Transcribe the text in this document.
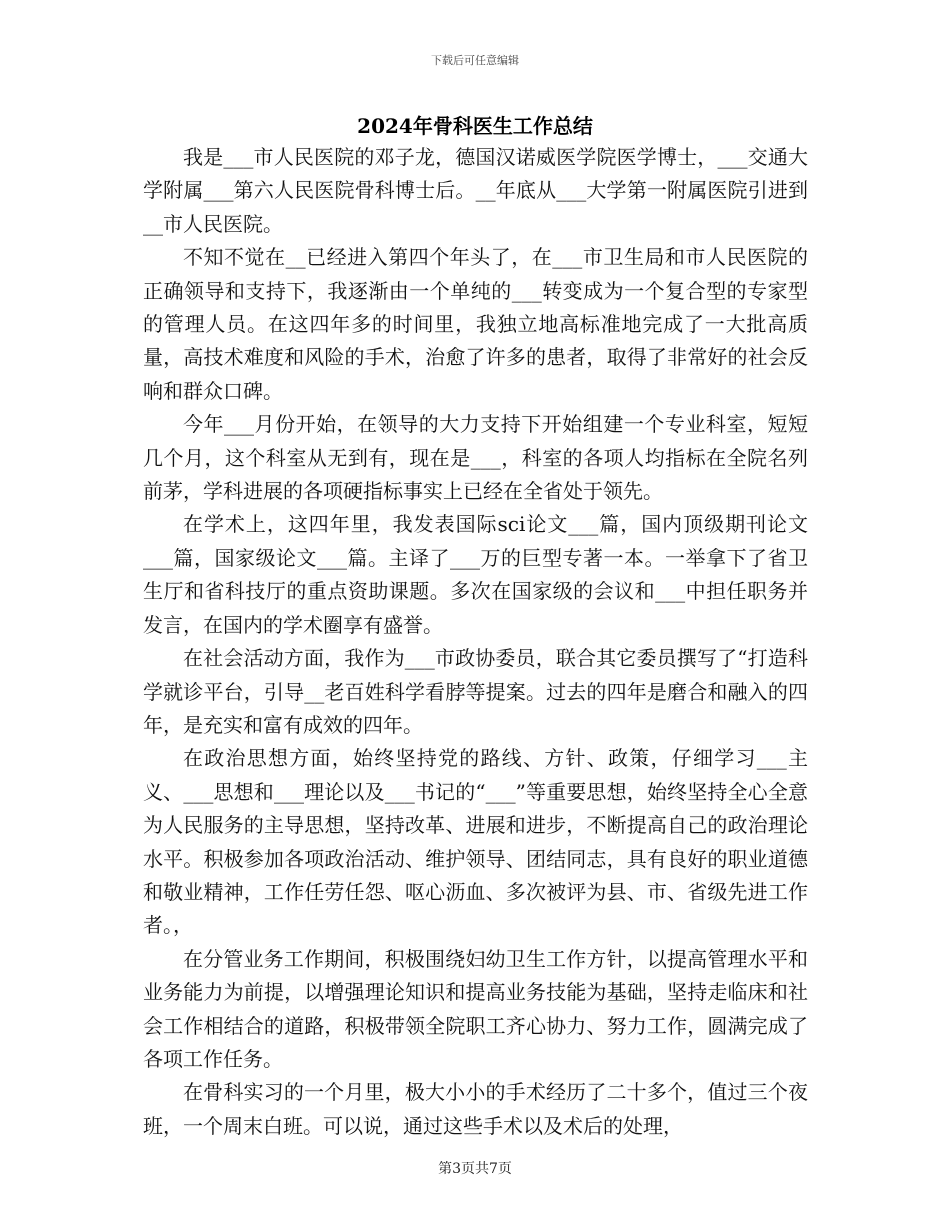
下载后可任意编辑
2024年骨科医生工作总结

我是___市人民医院的邓子龙，德国汉诺威医学院医学博士，___交通大学附属___第六人民医院骨科博士后。__年底从___大学第一附属医院引进到__市人民医院。

不知不觉在__已经进入第四个年头了，在___市卫生局和市人民医院的正确领导和支持下，我逐渐由一个单纯的___转变成为一个复合型的专家型的管理人员。在这四年多的时间里，我独立地高标准地完成了一大批高质量，高技术难度和风险的手术，治愈了许多的患者，取得了非常好的社会反响和群众口碑。

今年___月份开始，在领导的大力支持下开始组建一个专业科室，短短几个月，这个科室从无到有，现在是___，科室的各项人均指标在全院名列前茅，学科进展的各项硬指标事实上已经在全省处于领先。

在学术上，这四年里，我发表国际sci论文___篇，国内顶级期刊论文___篇，国家级论文___篇。主译了___万的巨型专著一本。一举拿下了省卫生厅和省科技厅的重点资助课题。多次在国家级的会议和___中担任职务并发言，在国内的学术圈享有盛誉。

在社会活动方面，我作为___市政协委员，联合其它委员撰写了“打造科学就诊平台，引导__老百姓科学看脖等提案。过去的四年是磨合和融入的四年，是充实和富有成效的四年。

在政治思想方面，始终坚持党的路线、方针、政策，仔细学习___主义、___思想和___理论以及___书记的“___”等重要思想，始终坚持全心全意为人民服务的主导思想，坚持改革、进展和进步，不断提高自己的政治理论水平。积极参加各项政治活动、维护领导、团结同志，具有良好的职业道德和敬业精神，工作任劳任怨、呕心沥血、多次被评为县、市、省级先进工作者。，

在分管业务工作期间，积极围绕妇幼卫生工作方针，以提高管理水平和业务能力为前提，以增强理论知识和提高业务技能为基础，坚持走临床和社会工作相结合的道路，积极带领全院职工齐心协力、努力工作，圆满完成了各项工作任务。

在骨科实习的一个月里，极大小小的手术经历了二十多个，值过三个夜班，一个周末白班。可以说，通过这些手术以及术后的处理，

第3页共7页
